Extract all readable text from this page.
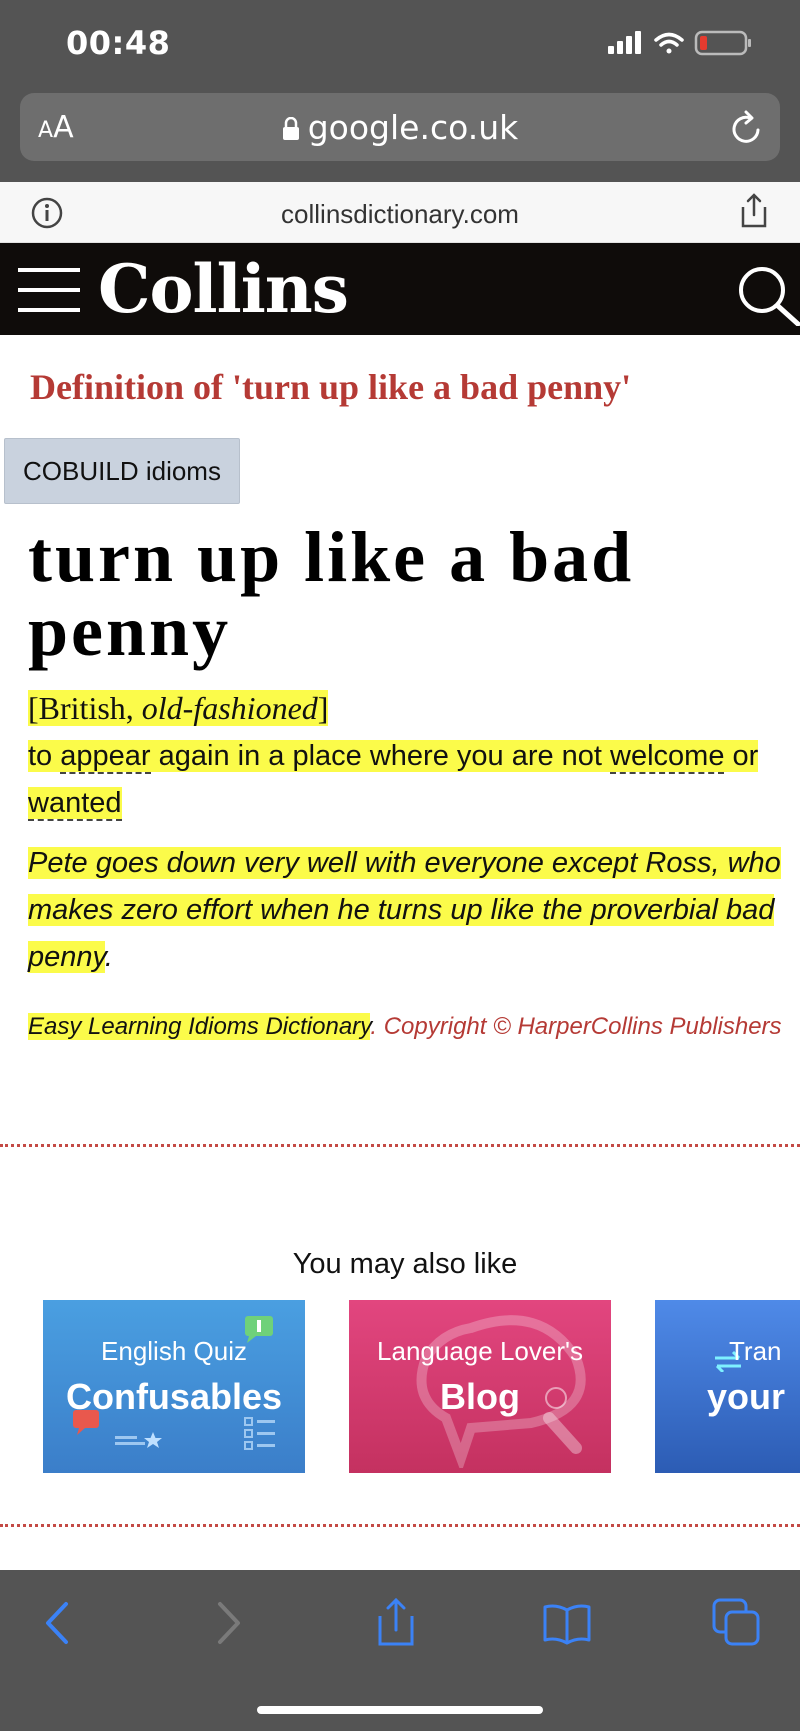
00:48
AA	google.co.uk
collinsdictionary.com
Collins
Definition of 'turn up like a bad penny'
COBUILD idioms
turn up like a bad penny
[British, old-fashioned]
to appear again in a place where you are not welcome or wanted
Pete goes down very well with everyone except Ross, who makes zero effort when he turns up like the proverbial bad penny.
Easy Learning Idioms Dictionary. Copyright © HarperCollins Publishers
You may also like
English Quiz
Confusables
Language Lover's
Blog
Tran
your
